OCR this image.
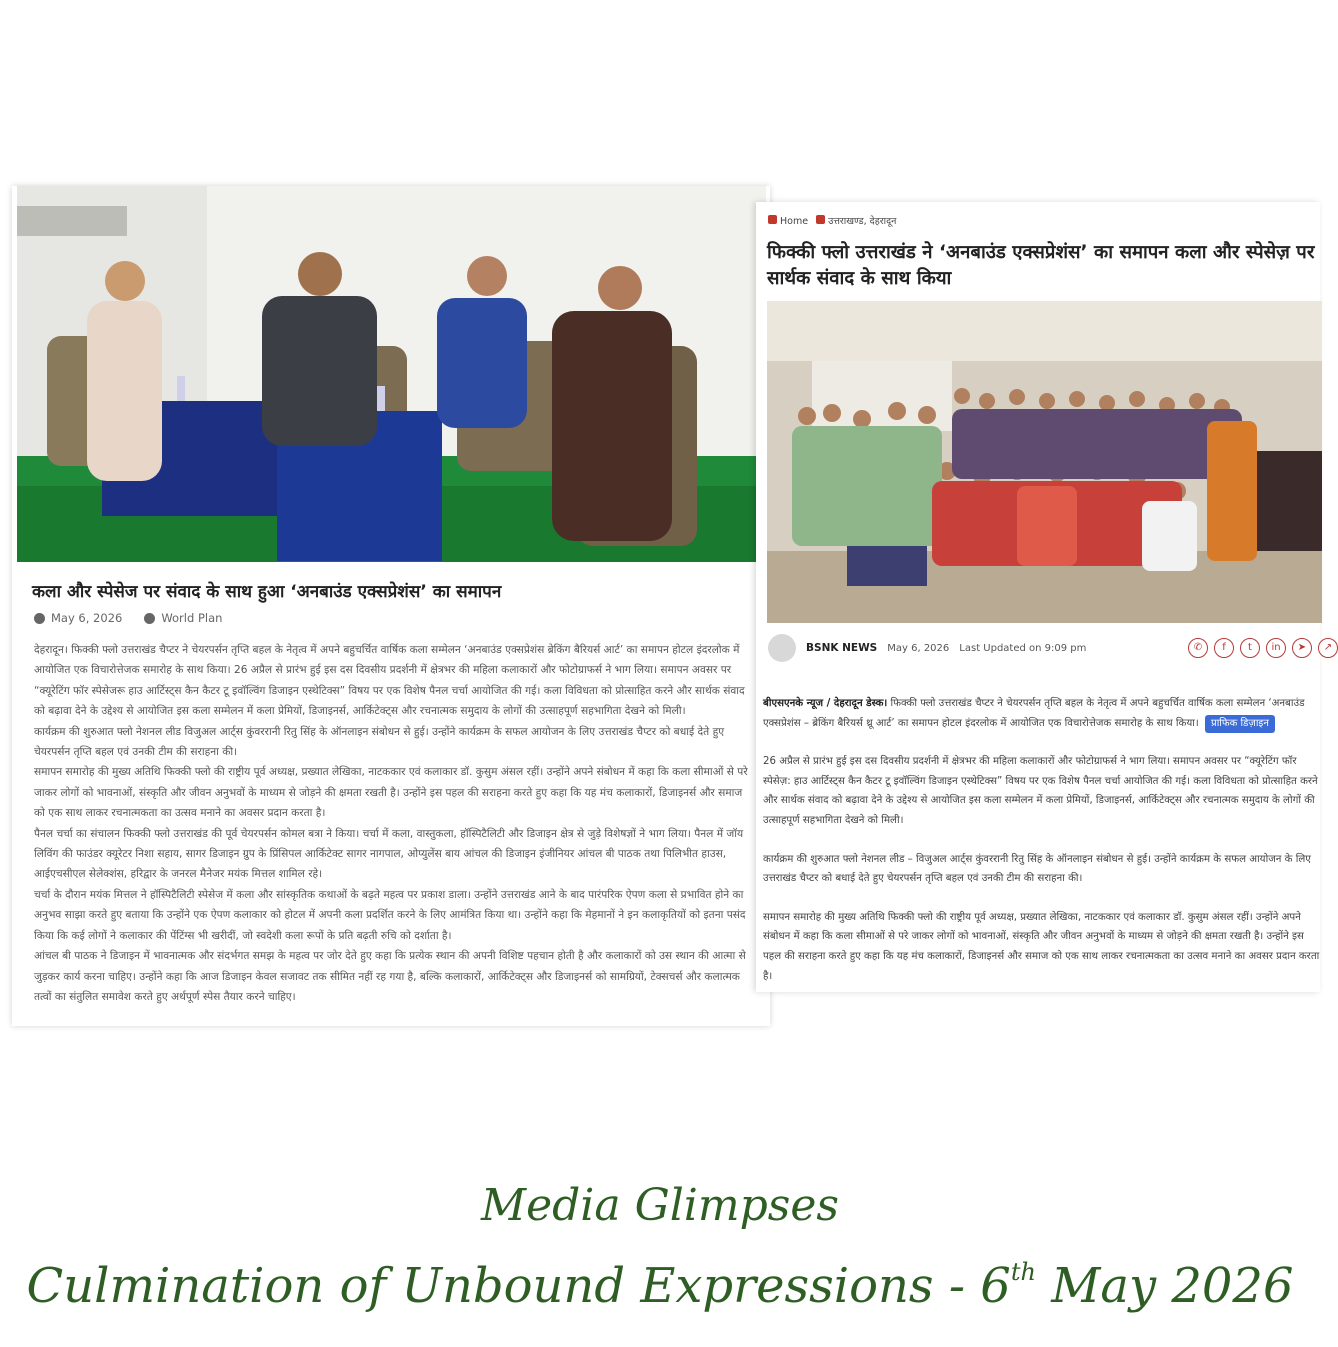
कला और स्पेसेज पर संवाद के साथ हुआ ‘अनबाउंड एक्सप्रेशंस’ का समापन
May 6, 2026	World Plan

देहरादून। फिक्की फ्लो उत्तराखंड चैप्टर ने चेयरपर्सन तृप्ति बहल के नेतृत्व में अपने बहुचर्चित वार्षिक कला सम्मेलन ‘अनबाउंड एक्सप्रेशंस ब्रेकिंग बैरियर्स आर्ट’ का समापन होटल इंदरलोक में आयोजित एक विचारोत्तेजक समारोह के साथ किया। 26 अप्रैल से प्रारंभ हुई इस दस दिवसीय प्रदर्शनी में क्षेत्रभर की महिला कलाकारों और फोटोग्राफर्स ने भाग लिया। समापन अवसर पर “क्यूरेटिंग फॉर स्पेसेजरू हाउ आर्टिस्ट्स कैन कैटर टू इवॉल्विंग डिजाइन एस्थेटिक्स” विषय पर एक विशेष पैनल चर्चा आयोजित की गई। कला विविधता को प्रोत्साहित करने और सार्थक संवाद को बढ़ावा देने के उद्देश्य से आयोजित इस कला सम्मेलन में कला प्रेमियों, डिजाइनर्स, आर्किटेक्ट्स और रचनात्मक समुदाय के लोगों की उत्साहपूर्ण सहभागिता देखने को मिली।

कार्यक्रम की शुरुआत फ्लो नेशनल लीड विजुअल आर्ट्स कुंवररानी रितु सिंह के ऑनलाइन संबोधन से हुई। उन्होंने कार्यक्रम के सफल आयोजन के लिए उत्तराखंड चैप्टर को बधाई देते हुए चेयरपर्सन तृप्ति बहल एवं उनकी टीम की सराहना की।

समापन समारोह की मुख्य अतिथि फिक्की फ्लो की राष्ट्रीय पूर्व अध्यक्ष, प्रख्यात लेखिका, नाटककार एवं कलाकार डॉ. कुसुम अंसल रहीं। उन्होंने अपने संबोधन में कहा कि कला सीमाओं से परे जाकर लोगों को भावनाओं, संस्कृति और जीवन अनुभवों के माध्यम से जोड़ने की क्षमता रखती है। उन्होंने इस पहल की सराहना करते हुए कहा कि यह मंच कलाकारों, डिजाइनर्स और समाज को एक साथ लाकर रचनात्मकता का उत्सव मनाने का अवसर प्रदान करता है।

पैनल चर्चा का संचालन फिक्की फ्लो उत्तराखंड की पूर्व चेयरपर्सन कोमल बत्रा ने किया। चर्चा में कला, वास्तुकला, हॉस्पिटैलिटी और डिजाइन क्षेत्र से जुड़े विशेषज्ञों ने भाग लिया। पैनल में जॉय लिविंग की फाउंडर क्यूरेटर निशा सहाय, सागर डिजाइन ग्रुप के प्रिंसिपल आर्किटेक्ट सागर नागपाल, ओप्युलेंस बाय आंचल की डिजाइन इंजीनियर आंचल बी पाठक तथा पिलिभीत हाउस, आईएचसीएल सेलेक्शंस, हरिद्वार के जनरल मैनेजर मयंक मित्तल शामिल रहे।

चर्चा के दौरान मयंक मित्तल ने हॉस्पिटैलिटी स्पेसेज में कला और सांस्कृतिक कथाओं के बढ़ते महत्व पर प्रकाश डाला। उन्होंने उत्तराखंड आने के बाद पारंपरिक ऐपण कला से प्रभावित होने का अनुभव साझा करते हुए बताया कि उन्होंने एक ऐपण कलाकार को होटल में अपनी कला प्रदर्शित करने के लिए आमंत्रित किया था। उन्होंने कहा कि मेहमानों ने इन कलाकृतियों को इतना पसंद किया कि कई लोगों ने कलाकार की पेंटिंग्स भी खरीदीं, जो स्वदेशी कला रूपों के प्रति बढ़ती रुचि को दर्शाता है।

आंचल बी पाठक ने डिजाइन में भावनात्मक और संदर्भगत समझ के महत्व पर जोर देते हुए कहा कि प्रत्येक स्थान की अपनी विशिष्ट पहचान होती है और कलाकारों को उस स्थान की आत्मा से जुड़कर कार्य करना चाहिए। उन्होंने कहा कि आज डिजाइन केवल सजावट तक सीमित नहीं रह गया है, बल्कि कलाकारों, आर्किटेक्ट्स और डिजाइनर्स को सामग्रियों, टेक्सचर्स और कलात्मक तत्वों का संतुलित समावेश करते हुए अर्थपूर्ण स्पेस तैयार करने चाहिए।

Home	उत्तराखण्ड, देहरादून
फिक्की फ्लो उत्तराखंड ने ‘अनबाउंड एक्सप्रेशंस’ का समापन कला और स्पेसेज़ पर सार्थक संवाद के साथ किया
BSNK NEWS May 6, 2026 Last Updated on 9:09 pm	✆	f	t	in	➤	↗

बीएसएनके न्यूज / देहरादून डेस्क। फिक्की फ्लो उत्तराखंड चैप्टर ने चेयरपर्सन तृप्ति बहल के नेतृत्व में अपने बहुचर्चित वार्षिक कला सम्मेलन ‘अनबाउंड एक्सप्रेशंस – ब्रेकिंग बैरियर्स थ्रू आर्ट’ का समापन होटल इंदरलोक में आयोजित एक विचारोत्तेजक समारोह के साथ किया। प्राफिक डिज़ाइन

26 अप्रैल से प्रारंभ हुई इस दस दिवसीय प्रदर्शनी में क्षेत्रभर की महिला कलाकारों और फोटोग्राफर्स ने भाग लिया। समापन अवसर पर “क्यूरेटिंग फॉर स्पेसेज़: हाउ आर्टिस्ट्स कैन कैटर टू इवॉल्विंग डिजाइन एस्थेटिक्स” विषय पर एक विशेष पैनल चर्चा आयोजित की गई। कला विविधता को प्रोत्साहित करने और सार्थक संवाद को बढ़ावा देने के उद्देश्य से आयोजित इस कला सम्मेलन में कला प्रेमियों, डिजाइनर्स, आर्किटेक्ट्स और रचनात्मक समुदाय के लोगों की उत्साहपूर्ण सहभागिता देखने को मिली।

कार्यक्रम की शुरुआत फ्लो नेशनल लीड – विजुअल आर्ट्स कुंवररानी रितु सिंह के ऑनलाइन संबोधन से हुई। उन्होंने कार्यक्रम के सफल आयोजन के लिए उत्तराखंड चैप्टर को बधाई देते हुए चेयरपर्सन तृप्ति बहल एवं उनकी टीम की सराहना की।

समापन समारोह की मुख्य अतिथि फिक्की फ्लो की राष्ट्रीय पूर्व अध्यक्ष, प्रख्यात लेखिका, नाटककार एवं कलाकार डॉ. कुसुम अंसल रहीं। उन्होंने अपने संबोधन में कहा कि कला सीमाओं से परे जाकर लोगों को भावनाओं, संस्कृति और जीवन अनुभवों के माध्यम से जोड़ने की क्षमता रखती है। उन्होंने इस पहल की सराहना करते हुए कहा कि यह मंच कलाकारों, डिजाइनर्स और समाज को एक साथ लाकर रचनात्मकता का उत्सव मनाने का अवसर प्रदान करता है।

Media Glimpses
Culmination of Unbound Expressions - 6th May 2026
